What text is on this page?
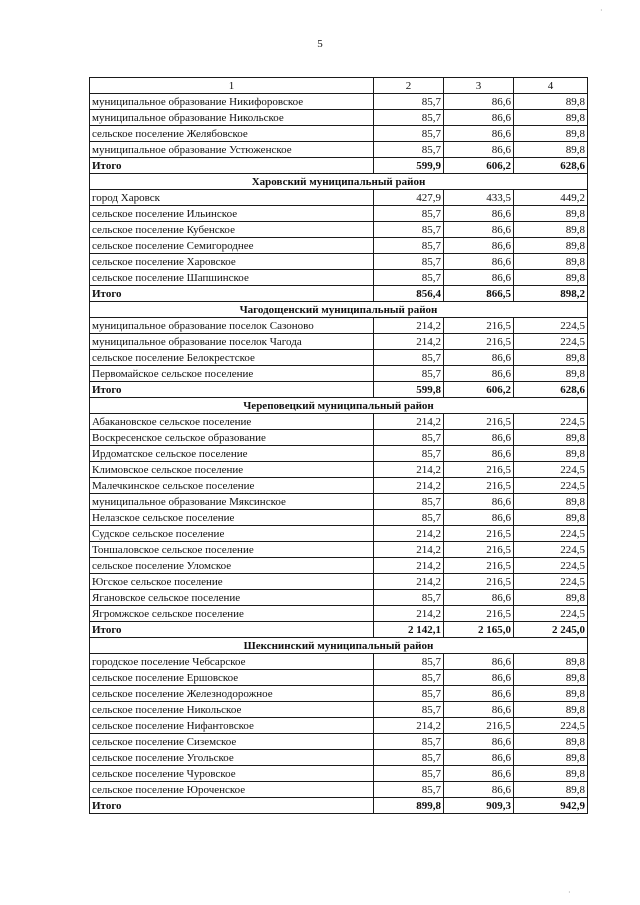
5
·
·
1	2	3	4
муниципальное образование Никифоровское	85,7	86,6	89,8
муниципальное образование Никольское	85,7	86,6	89,8
сельское поселение Желябовское	85,7	86,6	89,8
муниципальное образование Устюженское	85,7	86,6	89,8
Итого	599,9	606,2	628,6
Харовский муниципальный район			
город Харовск	427,9	433,5	449,2
сельское поселение Ильинское	85,7	86,6	89,8
сельское поселение Кубенское	85,7	86,6	89,8
сельское поселение Семигороднее	85,7	86,6	89,8
сельское поселение Харовское	85,7	86,6	89,8
сельское поселение Шапшинское	85,7	86,6	89,8
Итого	856,4	866,5	898,2
Чагодощенский муниципальный район			
муниципальное образование поселок Сазоново	214,2	216,5	224,5
муниципальное образование поселок Чагода	214,2	216,5	224,5
сельское поселение Белокрестское	85,7	86,6	89,8
Первомайское сельское поселение	85,7	86,6	89,8
Итого	599,8	606,2	628,6
Череповецкий муниципальный район			
Абакановское сельское поселение	214,2	216,5	224,5
Воскресенское сельское образование	85,7	86,6	89,8
Ирдоматское сельское поселение	85,7	86,6	89,8
Климовское сельское поселение	214,2	216,5	224,5
Малечкинское сельское поселение	214,2	216,5	224,5
муниципальное образование Мяксинское	85,7	86,6	89,8
Нелазское сельское поселение	85,7	86,6	89,8
Судское сельское поселение	214,2	216,5	224,5
Тоншаловское сельское поселение	214,2	216,5	224,5
сельское поселение Уломское	214,2	216,5	224,5
Югское сельское поселение	214,2	216,5	224,5
Ягановское сельское поселение	85,7	86,6	89,8
Ягромжское сельское поселение	214,2	216,5	224,5
Итого	2 142,1	2 165,0	2 245,0
Шекснинский муниципальный район			
городское поселение Чебсарское	85,7	86,6	89,8
сельское поселение Ершовское	85,7	86,6	89,8
сельское поселение Железнодорожное	85,7	86,6	89,8
сельское поселение Никольское	85,7	86,6	89,8
сельское поселение Нифантовское	214,2	216,5	224,5
сельское поселение Сиземское	85,7	86,6	89,8
сельское поселение Угольское	85,7	86,6	89,8
сельское поселение Чуровское	85,7	86,6	89,8
сельское поселение Юроченское	85,7	86,6	89,8
Итого	899,8	909,3	942,9
